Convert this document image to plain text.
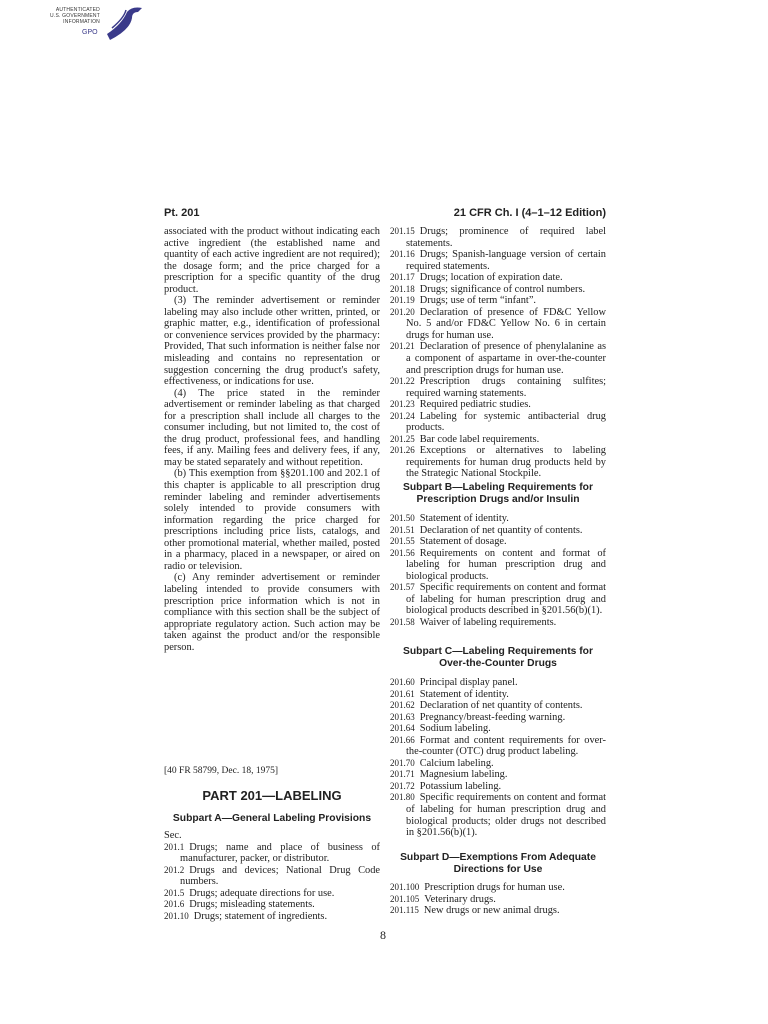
AUTHENTICATED
U.S. GOVERNMENT
INFORMATION
GPO
Pt. 201	21 CFR Ch. I (4–1–12 Edition)

associated with the product without indicating each active ingredient (the established name and quantity of each active ingredient are not required); the dosage form; and the price charged for a prescription for a specific quantity of the drug product.

(3) The reminder advertisement or reminder labeling may also include other written, printed, or graphic matter, e.g., identification of professional or convenience services provided by the pharmacy: Provided, That such information is neither false nor misleading and contains no representation or suggestion concerning the drug product's safety, effectiveness, or indications for use.

(4) The price stated in the reminder advertisement or reminder labeling as that charged for a prescription shall include all charges to the consumer including, but not limited to, the cost of the drug product, professional fees, and handling fees, if any. Mailing fees and delivery fees, if any, may be stated separately and without repetition.

(b) This exemption from §§201.100 and 202.1 of this chapter is applicable to all prescription drug reminder labeling and reminder advertisements solely intended to provide consumers with information regarding the price charged for prescriptions including price lists, catalogs, and other promotional material, whether mailed, posted in a pharmacy, placed in a newspaper, or aired on radio or television.

(c) Any reminder advertisement or reminder labeling intended to provide consumers with prescription price information which is not in compliance with this section shall be the subject of appropriate regulatory action. Such action may be taken against the product and/or the responsible person.

[40 FR 58799, Dec. 18, 1975]
PART 201—LABELING
Subpart A—General Labeling Provisions
Sec.
201.1 Drugs; name and place of business of manufacturer, packer, or distributor.
201.2 Drugs and devices; National Drug Code numbers.
201.5 Drugs; adequate directions for use.
201.6 Drugs; misleading statements.
201.10 Drugs; statement of ingredients.
201.15 Drugs; prominence of required label statements.
201.16 Drugs; Spanish-language version of certain required statements.
201.17 Drugs; location of expiration date.
201.18 Drugs; significance of control numbers.
201.19 Drugs; use of term “infant”.
201.20 Declaration of presence of FD&C Yellow No. 5 and/or FD&C Yellow No. 6 in certain drugs for human use.
201.21 Declaration of presence of phenylalanine as a component of aspartame in over-the-counter and prescription drugs for human use.
201.22 Prescription drugs containing sulfites; required warning statements.
201.23 Required pediatric studies.
201.24 Labeling for systemic antibacterial drug products.
201.25 Bar code label requirements.
201.26 Exceptions or alternatives to labeling requirements for human drug products held by the Strategic National Stockpile.
Subpart B—Labeling Requirements for Prescription Drugs and/or Insulin
201.50 Statement of identity.
201.51 Declaration of net quantity of contents.
201.55 Statement of dosage.
201.56 Requirements on content and format of labeling for human prescription drug and biological products.
201.57 Specific requirements on content and format of labeling for human prescription drug and biological products described in §201.56(b)(1).
201.58 Waiver of labeling requirements.
Subpart C—Labeling Requirements for Over-the-Counter Drugs
201.60 Principal display panel.
201.61 Statement of identity.
201.62 Declaration of net quantity of contents.
201.63 Pregnancy/breast-feeding warning.
201.64 Sodium labeling.
201.66 Format and content requirements for over-the-counter (OTC) drug product labeling.
201.70 Calcium labeling.
201.71 Magnesium labeling.
201.72 Potassium labeling.
201.80 Specific requirements on content and format of labeling for human prescription drug and biological products; older drugs not described in §201.56(b)(1).
Subpart D—Exemptions From Adequate Directions for Use
201.100 Prescription drugs for human use.
201.105 Veterinary drugs.
201.115 New drugs or new animal drugs.
8
